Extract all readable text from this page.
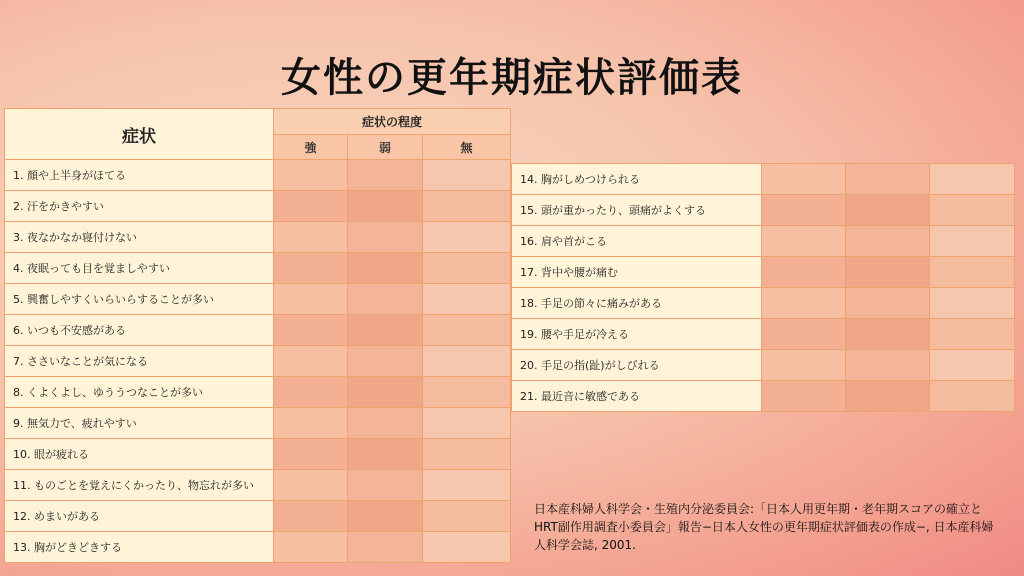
女性の更年期症状評価表
症状	症状の程度		
	強	弱	無
1. 顔や上半身がほてる			
2. 汗をかきやすい			
3. 夜なかなか寝付けない			
4. 夜眠っても目を覚ましやすい			
5. 興奮しやすくいらいらすることが多い			
6. いつも不安感がある			
7. ささいなことが気になる			
8. くよくよし、ゆううつなことが多い			
9. 無気力で、疲れやすい			
10. 眼が疲れる			
11. ものごとを覚えにくかったり、物忘れが多い			
12. めまいがある			
13. 胸がどきどきする			
14. 胸がしめつけられる			
15. 頭が重かったり、頭痛がよくする			
16. 肩や首がこる			
17. 背中や腰が痛む			
18. 手足の節々に痛みがある			
19. 腰や手足が冷える			
20. 手足の指(趾)がしびれる			
21. 最近音に敏感である			
日本産科婦人科学会・生殖内分泌委員会:「日本人用更年期・老年期スコアの確立とHRT副作用調査小委員会」報告−日本人女性の更年期症状評価表の作成−, 日本産科婦人科学会誌, 2001.
